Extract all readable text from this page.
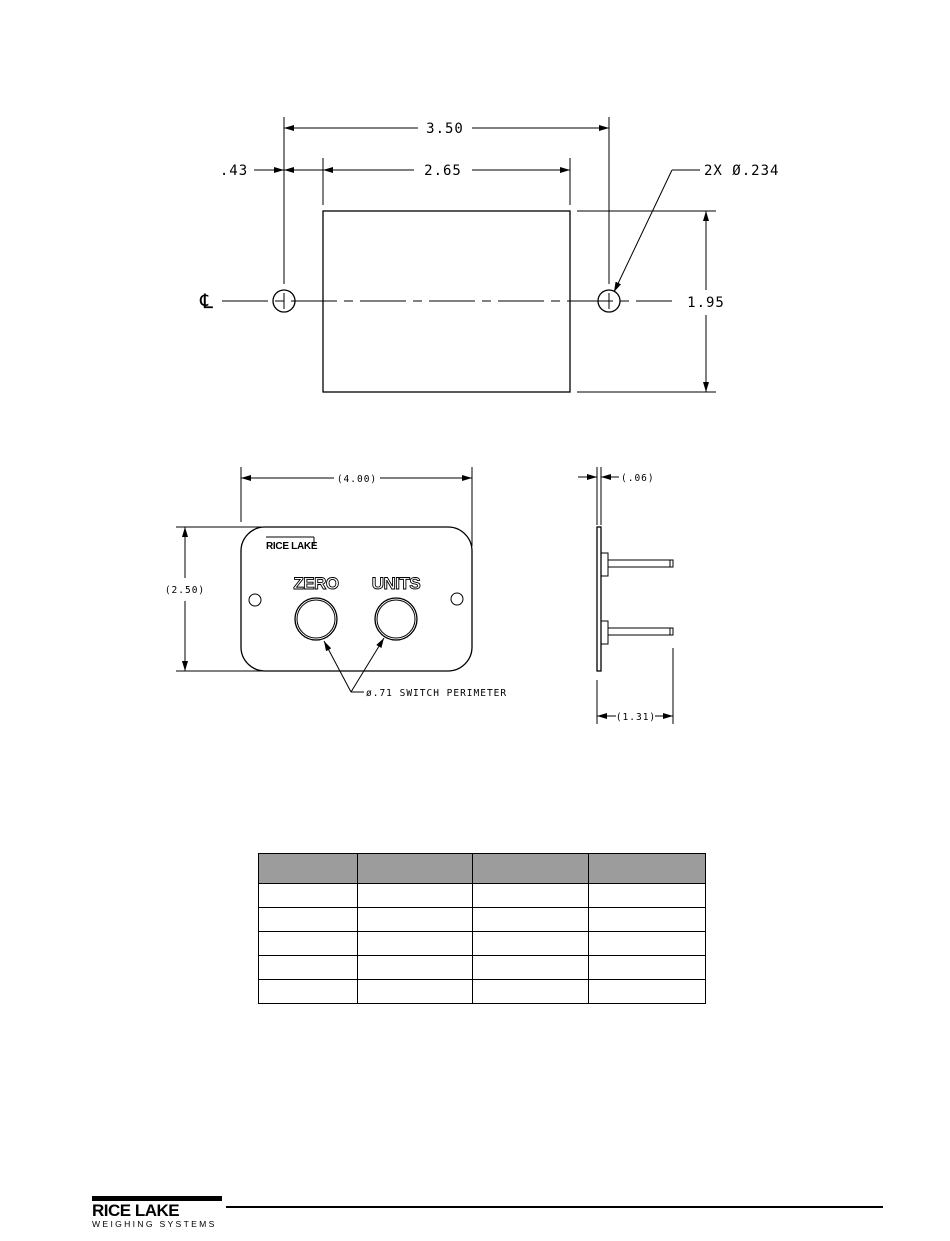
3.50
.43	2.65	2X Ø.234
℄	1.95
(4.00)
(2.50)
RICE LAKE
ZERO UNITS
ø.71 SWITCH PERIMETER
(.06)
(1.31)

RICE LAKE
WEIGHING SYSTEMS
